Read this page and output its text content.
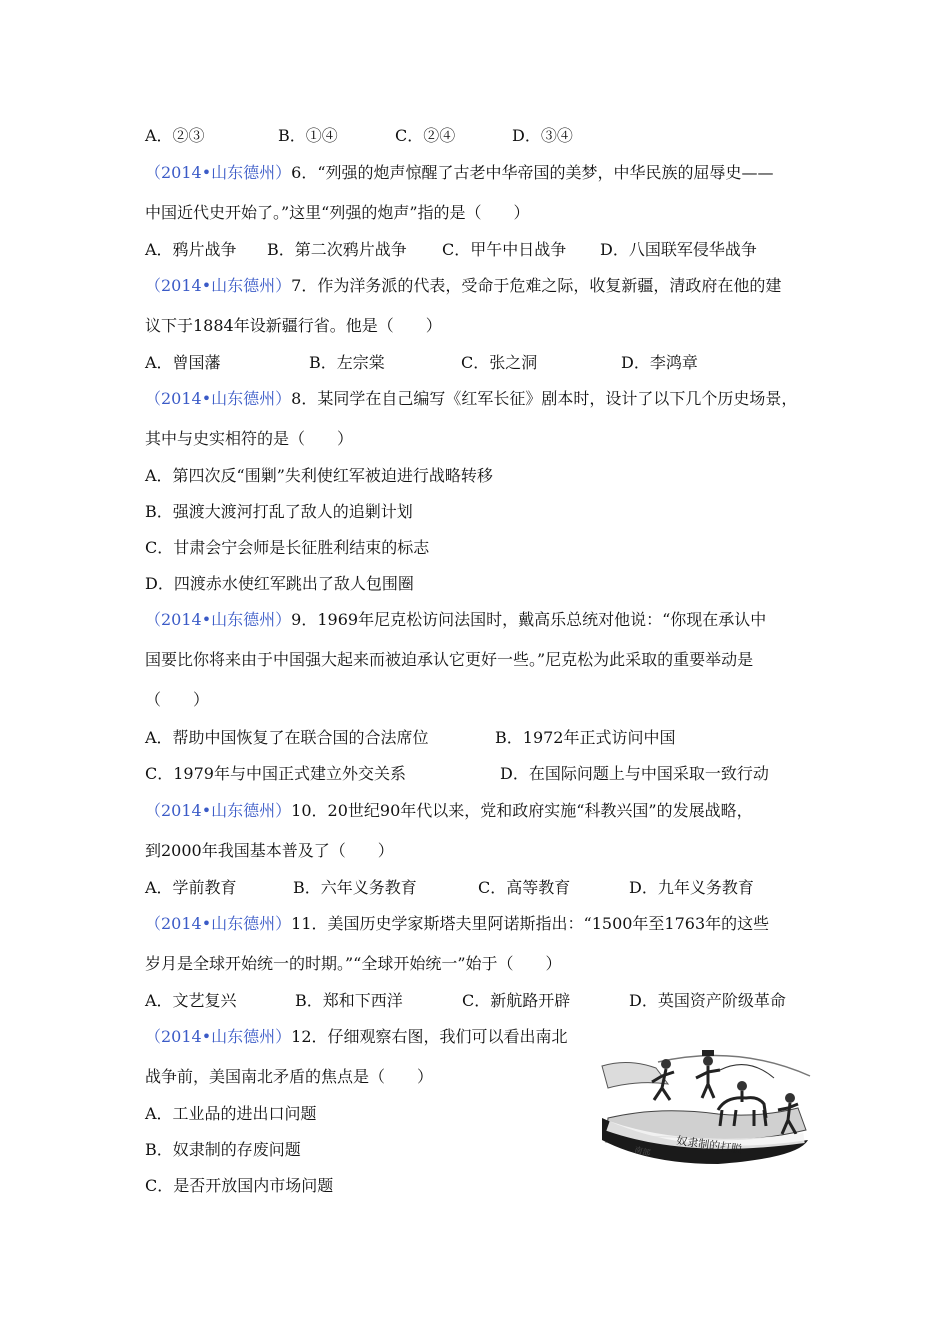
A．②③	B．①④	C．②④	D．③④
（2014•山东德州）6．“列强的炮声惊醒了古老中华帝国的美梦，中华民族的屈辱史——
中国近代史开始了。”这里“列强的炮声”指的是（　　）
A．鸦片战争 B．第二次鸦片战争 C．甲午中日战争 D．八国联军侵华战争
（2014•山东德州）7．作为洋务派的代表，受命于危难之际，收复新疆，清政府在他的建
议下于1884年设新疆行省。他是（　　）
A．曾国藩	B．左宗棠	C．张之洞	D．李鸿章
（2014•山东德州）8．某同学在自己编写《红军长征》剧本时，设计了以下几个历史场景，
其中与史实相符的是（　　）
A．第四次反“围剿”失利使红军被迫进行战略转移
B．强渡大渡河打乱了敌人的追剿计划
C．甘肃会宁会师是长征胜利结束的标志
D．四渡赤水使红军跳出了敌人包围圈
（2014•山东德州）9．1969年尼克松访问法国时，戴高乐总统对他说：“你现在承认中
国要比你将来由于中国强大起来而被迫承认它更好一些。”尼克松为此采取的重要举动是
（　　）
A．帮助中国恢复了在联合国的合法席位	B．1972年正式访问中国
C．1979年与中国正式建立外交关系	D．在国际问题上与中国采取一致行动
（2014•山东德州）10．20世纪90年代以来，党和政府实施“科教兴国”的发展战略，
到2000年我国基本普及了（　　）
A．学前教育	B．六年义务教育	C．高等教育	D．九年义务教育
（2014•山东德州）11．美国历史学家斯塔夫里阿诺斯指出：“1500年至1763年的这些
岁月是全球开始统一的时期。”“全球开始统一”始于（　　）
A．文艺复兴	B．郑和下西洋	C．新航路开辟	D．英国资产阶级革命
（2014•山东德州）12．仔细观察右图，我们可以看出南北
战争前，美国南北矛盾的焦点是（　　）
A．工业品的进出口问题
B．奴隶制的存废问题
C．是否开放国内市场问题
奴隶制的打脱
南部
